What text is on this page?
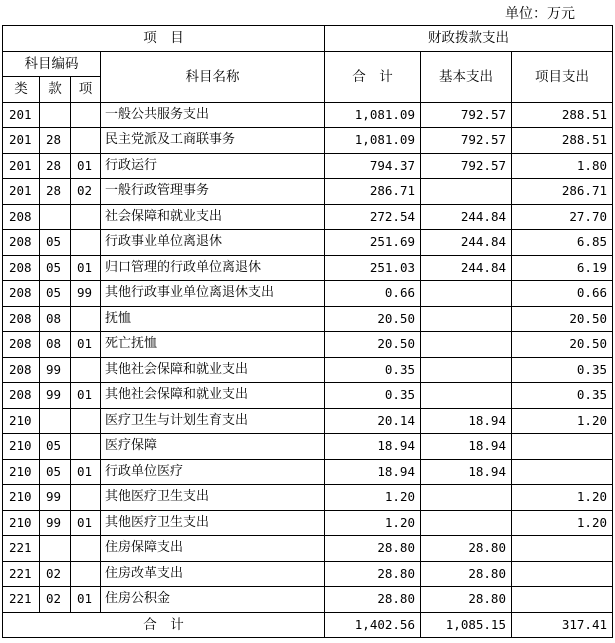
单位：万元
项　目				财政拨款支出		
科目编码			科目名称	合　计	基本支出	项目支出
类	款	项				
201			一般公共服务支出	1,081.09	792.57	288.51
201	28		民主党派及工商联事务	1,081.09	792.57	288.51
201	28	01	行政运行	794.37	792.57	1.80
201	28	02	一般行政管理事务	286.71		286.71
208			社会保障和就业支出	272.54	244.84	27.70
208	05		行政事业单位离退休	251.69	244.84	6.85
208	05	01	归口管理的行政单位离退休	251.03	244.84	6.19
208	05	99	其他行政事业单位离退休支出	0.66		0.66
208	08		抚恤	20.50		20.50
208	08	01	死亡抚恤	20.50		20.50
208	99		其他社会保障和就业支出	0.35		0.35
208	99	01	其他社会保障和就业支出	0.35		0.35
210			医疗卫生与计划生育支出	20.14	18.94	1.20
210	05		医疗保障	18.94	18.94	
210	05	01	行政单位医疗	18.94	18.94	
210	99		其他医疗卫生支出	1.20		1.20
210	99	01	其他医疗卫生支出	1.20		1.20
221			住房保障支出	28.80	28.80	
221	02		住房改革支出	28.80	28.80	
221	02	01	住房公积金	28.80	28.80	
合　计				1,402.56	1,085.15	317.41
